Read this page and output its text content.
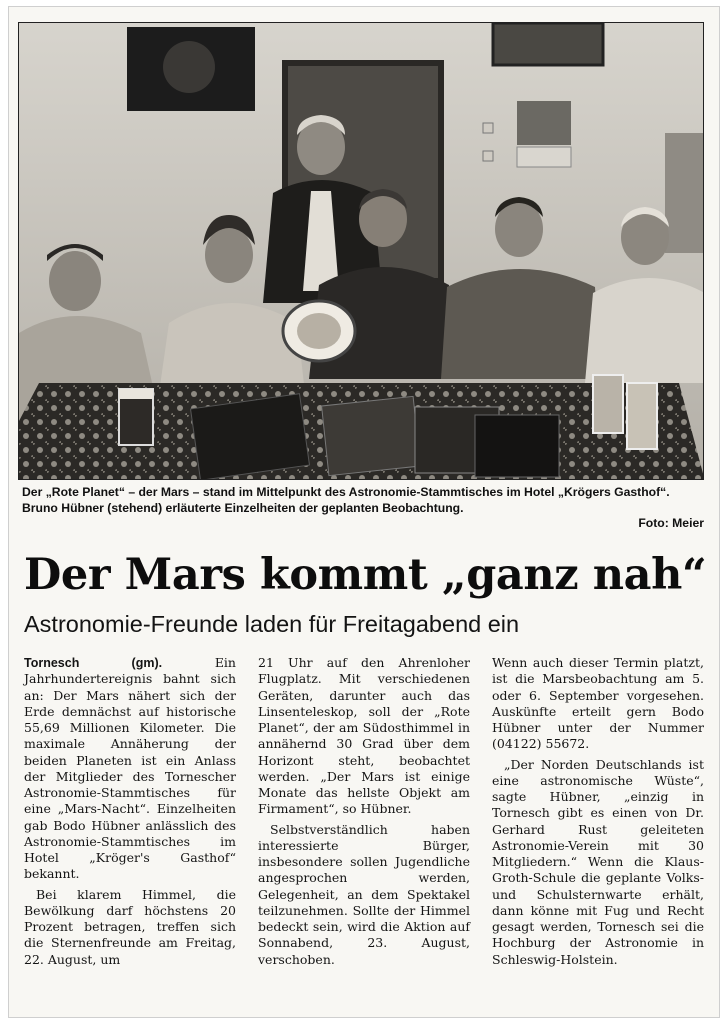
Der „Rote Planet“ – der Mars – stand im Mittelpunkt des Astronomie-Stammtisches im Hotel „Krögers Gasthof“. Bruno Hübner (stehend) erläuterte Einzelheiten der geplanten Beobachtung.
Foto: Meier
Der Mars kommt „ganz nah“
Astronomie-Freunde laden für Freitagabend ein

Tornesch (gm).	Ein Jahrhundertereignis bahnt sich an: Der Mars nähert sich der Erde demnächst auf historische 55,69 Millionen Kilometer. Die maximale Annäherung der beiden Planeten ist ein Anlass der Mitglieder des Tornescher Astronomie-Stammtisches für eine „Mars-Nacht“. Einzelheiten gab Bodo Hübner anlässlich des Astronomie-Stammtisches im Hotel „Kröger's Gasthof“ bekannt.

Bei klarem Himmel, die Bewölkung darf höchstens 20 Prozent betragen, treffen sich die Sternenfreunde am Freitag, 22. August, um

21 Uhr auf den Ahrenloher Flugplatz. Mit verschiedenen Geräten, darunter auch das Linsenteleskop, soll der „Rote Planet“, der am Südosthimmel in annähernd 30 Grad über dem Horizont steht, beobachtet werden. „Der Mars ist einige Monate das hellste Objekt am Firmament“, so Hübner.

Selbstverständlich haben interessierte Bürger, insbesondere sollen Jugendliche angesprochen werden, Gelegenheit, an dem Spektakel teilzunehmen. Sollte der Himmel bedeckt sein, wird die Aktion auf Sonnabend, 23. August, verschoben.

Wenn auch dieser Termin platzt, ist die Marsbeobachtung am 5. oder 6. September vorgesehen. Auskünfte erteilt gern Bodo Hübner unter der Nummer (04122) 55672.

„Der Norden Deutschlands ist eine astronomische Wüste“, sagte Hübner, „einzig in Tornesch gibt es einen von Dr. Gerhard Rust geleiteten Astronomie-Verein mit 30 Mitgliedern.“ Wenn die Klaus-Groth-Schule die geplante Volks- und Schulsternwarte erhält, dann könne mit Fug und Recht gesagt werden, Tornesch sei die Hochburg der Astronomie in Schleswig-Holstein.
